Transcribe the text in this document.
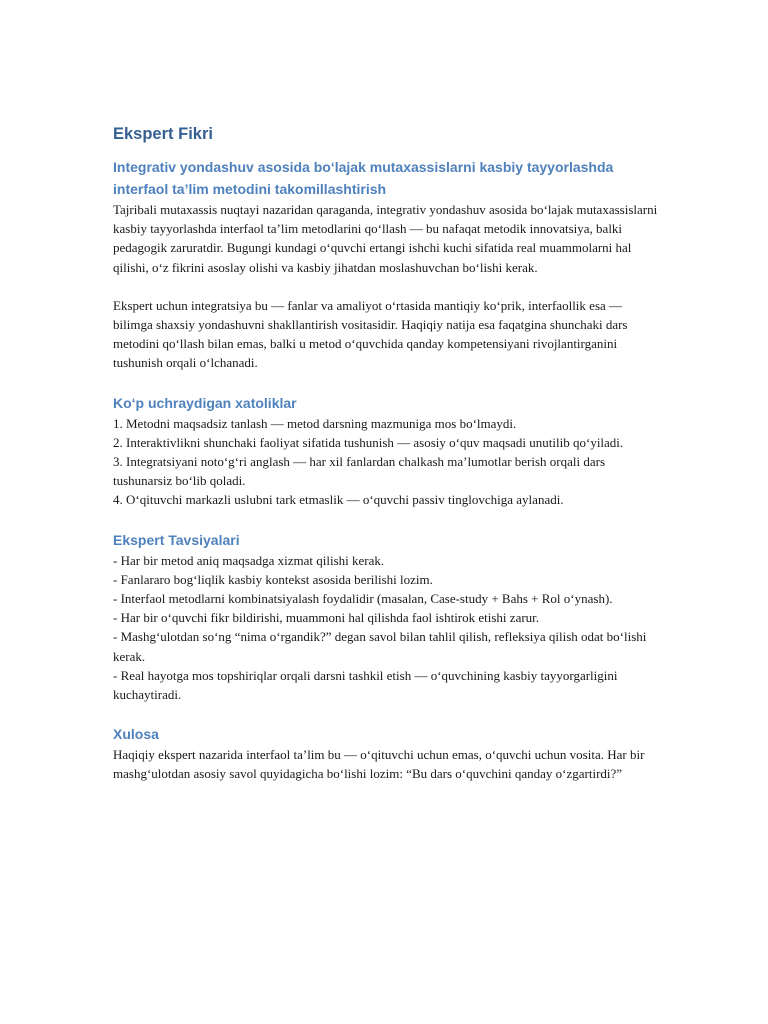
Ekspert Fikri
Integrativ yondashuv asosida bo‘lajak mutaxassislarni kasbiy tayyorlashda
interfaol ta’lim metodini takomillashtirish

Tajribali mutaxassis nuqtayi nazaridan qaraganda, integrativ yondashuv asosida bo‘lajak mutaxassislarni kasbiy tayyorlashda interfaol ta’lim metodlarini qo‘llash — bu nafaqat metodik innovatsiya, balki pedagogik zaruratdir. Bugungi kundagi o‘quvchi ertangi ishchi kuchi sifatida real muammolarni hal qilishi, o‘z fikrini asoslay olishi va kasbiy jihatdan moslashuvchan bo‘lishi kerak.

Ekspert uchun integratsiya bu — fanlar va amaliyot o‘rtasida mantiqiy ko‘prik, interfaollik esa — bilimga shaxsiy yondashuvni shakllantirish vositasidir. Haqiqiy natija esa faqatgina shunchaki dars metodini qo‘llash bilan emas, balki u metod o‘quvchida qanday kompetensiyani rivojlantirganini tushunish orqali o‘lchanadi.

Ko‘p uchraydigan xatoliklar

1. Metodni maqsadsiz tanlash — metod darsning mazmuniga mos bo‘lmaydi.

2. Interaktivlikni shunchaki faoliyat sifatida tushunish — asosiy o‘quv maqsadi unutilib qo‘yiladi.

3. Integratsiyani noto‘g‘ri anglash — har xil fanlardan chalkash ma’lumotlar berish orqali dars tushunarsiz bo‘lib qoladi.

4. O‘qituvchi markazli uslubni tark etmaslik — o‘quvchi passiv tinglovchiga aylanadi.

Ekspert Tavsiyalari

- Har bir metod aniq maqsadga xizmat qilishi kerak.

- Fanlararo bog‘liqlik kasbiy kontekst asosida berilishi lozim.

- Interfaol metodlarni kombinatsiyalash foydalidir (masalan, Case-study + Bahs + Rol o‘ynash).

- Har bir o‘quvchi fikr bildirishi, muammoni hal qilishda faol ishtirok etishi zarur.

- Mashg‘ulotdan so‘ng “nima o‘rgandik?” degan savol bilan tahlil qilish, refleksiya qilish odat bo‘lishi kerak.

- Real hayotga mos topshiriqlar orqali darsni tashkil etish — o‘quvchining kasbiy tayyorgarligini kuchaytiradi.

Xulosa

Haqiqiy ekspert nazarida interfaol ta’lim bu — o‘qituvchi uchun emas, o‘quvchi uchun vosita. Har bir mashg‘ulotdan asosiy savol quyidagicha bo‘lishi lozim: “Bu dars o‘quvchini qanday o‘zgartirdi?”
